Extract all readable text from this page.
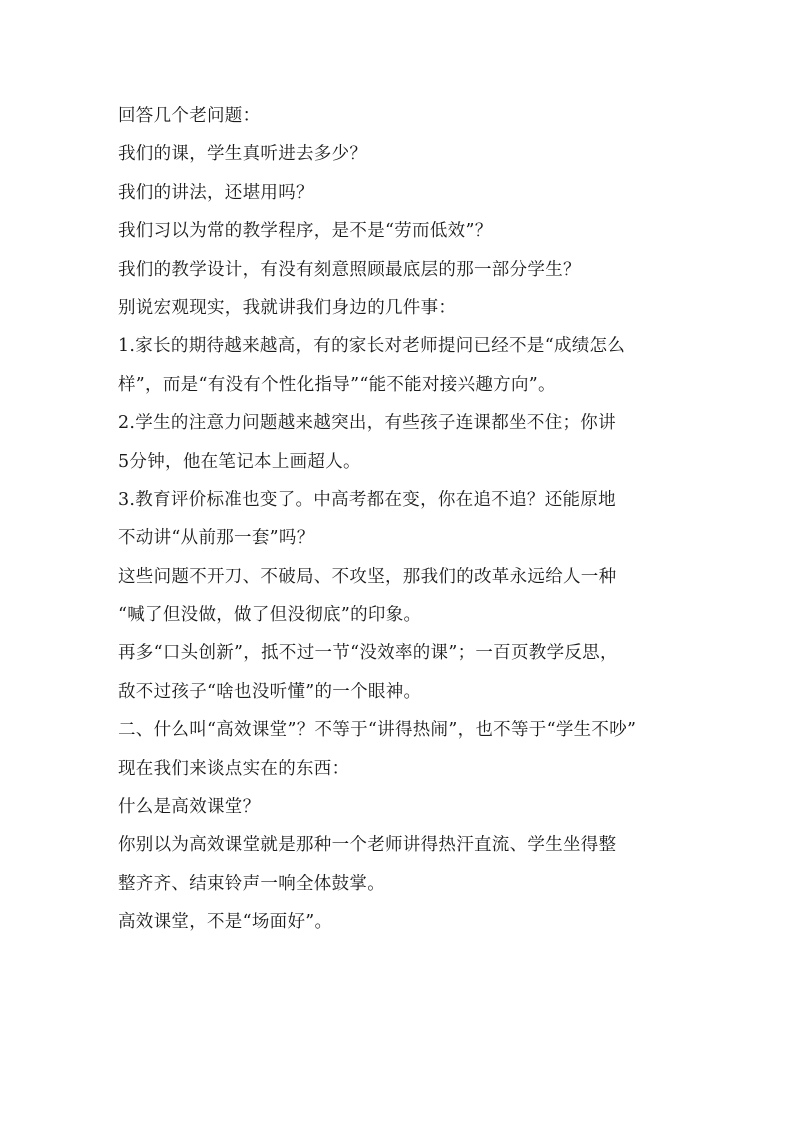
回答几个老问题：
我们的课，学生真听进去多少？
我们的讲法，还堪用吗？
我们习以为常的教学程序，是不是“劳而低效”？
我们的教学设计，有没有刻意照顾最底层的那一部分学生？
别说宏观现实，我就讲我们身边的几件事：
1.家长的期待越来越高，有的家长对老师提问已经不是“成绩怎么
样”，而是“有没有个性化指导”“能不能对接兴趣方向”。
2.学生的注意力问题越来越突出，有些孩子连课都坐不住；你讲
5分钟，他在笔记本上画超人。
3.教育评价标准也变了。中高考都在变，你在追不追？还能原地
不动讲“从前那一套”吗？
这些问题不开刀、不破局、不攻坚，那我们的改革永远给人一种
“喊了但没做，做了但没彻底”的印象。
再多“口头创新”，抵不过一节“没效率的课”；一百页教学反思，
敌不过孩子“啥也没听懂”的一个眼神。
二、什么叫“高效课堂”？不等于“讲得热闹”，也不等于“学生不吵”
现在我们来谈点实在的东西：
什么是高效课堂？
你别以为高效课堂就是那种一个老师讲得热汗直流、学生坐得整
整齐齐、结束铃声一响全体鼓掌。
高效课堂，不是“场面好”。
